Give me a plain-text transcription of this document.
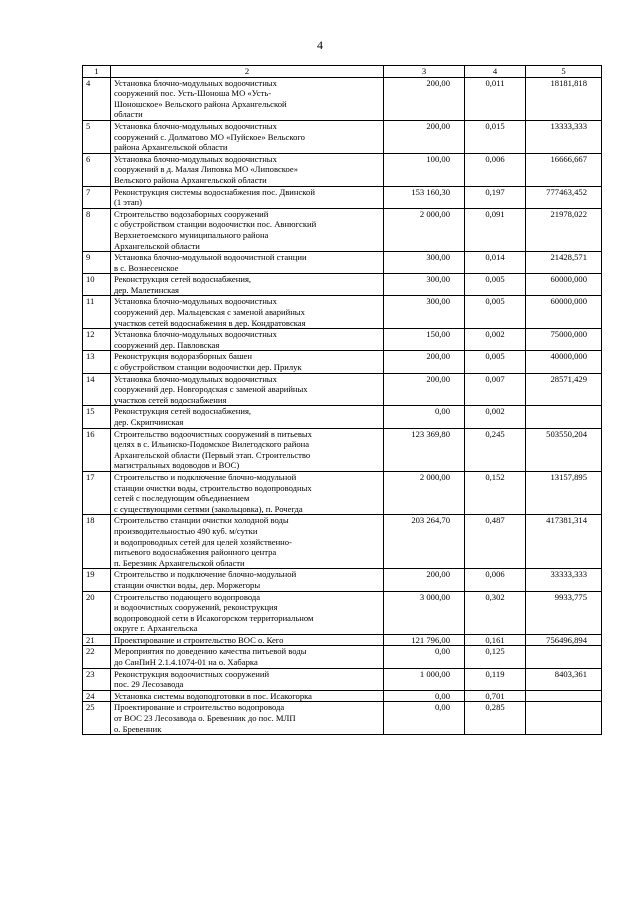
4
1	2	3	4	5
4	Установка блочно-модульных водоочистных
сооружений пос. Усть-Шоноша МО «Усть-
Шоношское» Вельского района Архангельской
области	200,00	0,011	18181,818
5	Установка блочно-модульных водоочистных
сооружений с. Долматово МО «Пуйское» Вельского
района Архангельской области	200,00	0,015	13333,333
6	Установка блочно-модульных водоочистных
сооружений в д. Малая Липовка МО «Липовское»
Вельского района Архангельской области	100,00	0,006	16666,667
7	Реконструкция системы водоснабжения пос. Двинской
(1 этап)	153 160,30	0,197	777463,452
8	Строительство водозаборных сооружений
с обустройством станции водоочистки пос. Авнюгский
Верхнетоемского муниципального района
Архангельской области	2 000,00	0,091	21978,022
9	Установка блочно-модульной водоочистной станции
в с. Вознесенское	300,00	0,014	21428,571
10	Реконструкция сетей водоснабжения,
дер. Малетинская	300,00	0,005	60000,000
11	Установка блочно-модульных водоочистных
сооружений дер. Мальцевская с заменой аварийных
участков сетей водоснабжения в дер. Кондратовская	300,00	0,005	60000,000
12	Установка блочно-модульных водоочистных
сооружений дер. Павловская	150,00	0,002	75000,000
13	Реконструкция водоразборных башен
с обустройством станции водоочистки дер. Прилук	200,00	0,005	40000,000
14	Установка блочно-модульных водоочистных
сооружений дер. Новгородская с заменой аварийных
участков сетей водоснабжения	200,00	0,007	28571,429
15	Реконструкция сетей водоснабжения,
дер. Скрипчинская	0,00	0,002	
16	Строительство водоочистных сооружений в питьевых
целях в с. Ильинско-Подомское Вилегодского района
Архангельской области (Первый этап. Строительство
магистральных водоводов и ВОС)	123 369,80	0,245	503550,204
17	Строительство и подключение блочно-модульной
станции очистки воды, строительство водопроводных
сетей с последующим объединением
с существующими сетями (закольцовка), п. Рочегда	2 000,00	0,152	13157,895
18	Строительство станции очистки холодной воды
производительностью 490 куб. м/сутки
и водопроводных сетей для целей хозяйственно-
питьевого водоснабжения районного центра
п. Березник Архангельской области	203 264,70	0,487	417381,314
19	Строительство и подключение блочно-модульной
станции очистки воды, дер. Моржегоры	200,00	0,006	33333,333
20	Строительство подающего водопровода
и водоочистных сооружений, реконструкция
водопроводной сети в Исакогорском территориальном
округе г. Архангельска	3 000,00	0,302	9933,775
21	Проектирование и строительство ВОС о. Кего	121 796,00	0,161	756496,894
22	Мероприятия по доведению качества питьевой воды
до СанПиН 2.1.4.1074-01 на о. Хабарка	0,00	0,125	
23	Реконструкция водоочистных сооружений
пос. 29 Лесозавода	1 000,00	0,119	8403,361
24	Установка системы водоподготовки в пос. Исакогорка	0,00	0,701	
25	Проектирование и строительство водопровода
от ВОС 23 Лесозавода о. Бревенник до пос. МЛП
о. Бревенник	0,00	0,285	
